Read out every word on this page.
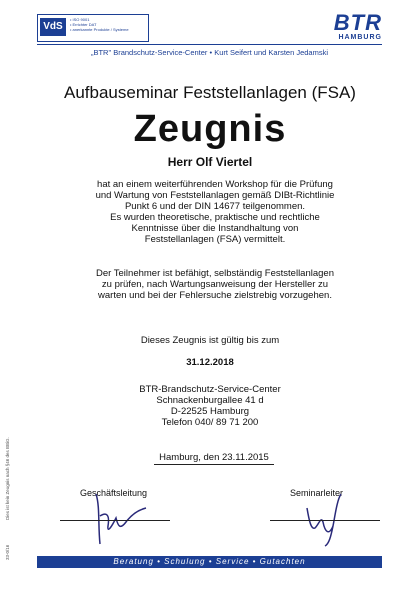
VdS
• ISO 9001
• Errichter DAT
• anerkannte Produkte / Systeme	BTR
HAMBURG
„BTR" Brandschutz-Service-Center • Kurt Seifert und Karsten Jedamski
Aufbauseminar Feststellanlagen (FSA)
Zeugnis
Herr Olf Viertel
hat an einem weiterführenden Workshop für die Prüfung
und Wartung von Feststellanlagen gemäß DIBt-Richtlinie
Punkt 6 und der DIN 14677 teilgenommen.
Es wurden theoretische, praktische und rechtliche
Kenntnisse über die Instandhaltung von
Feststellanlagen (FSA) vermittelt.
Der Teilnehmer ist befähigt, selbständig Feststellanlagen
zu prüfen, nach Wartungsanweisung der Hersteller zu
warten und bei der Fehlersuche zielstrebig vorzugehen.
Dieses Zeugnis ist gültig bis zum
31.12.2018
BTR-Brandschutz-Service-Center
Schnackenburgallee 41 d
D-22525 Hamburg
Telefon 040/ 89 71 200
Hamburg, den 23.11.2015
Geschäftsleitung	Seminarleiter
Beratung • Schulung • Service • Gutachten
Dies ist kein Zeugnis nach §46 des BBiG.
33-0/16
